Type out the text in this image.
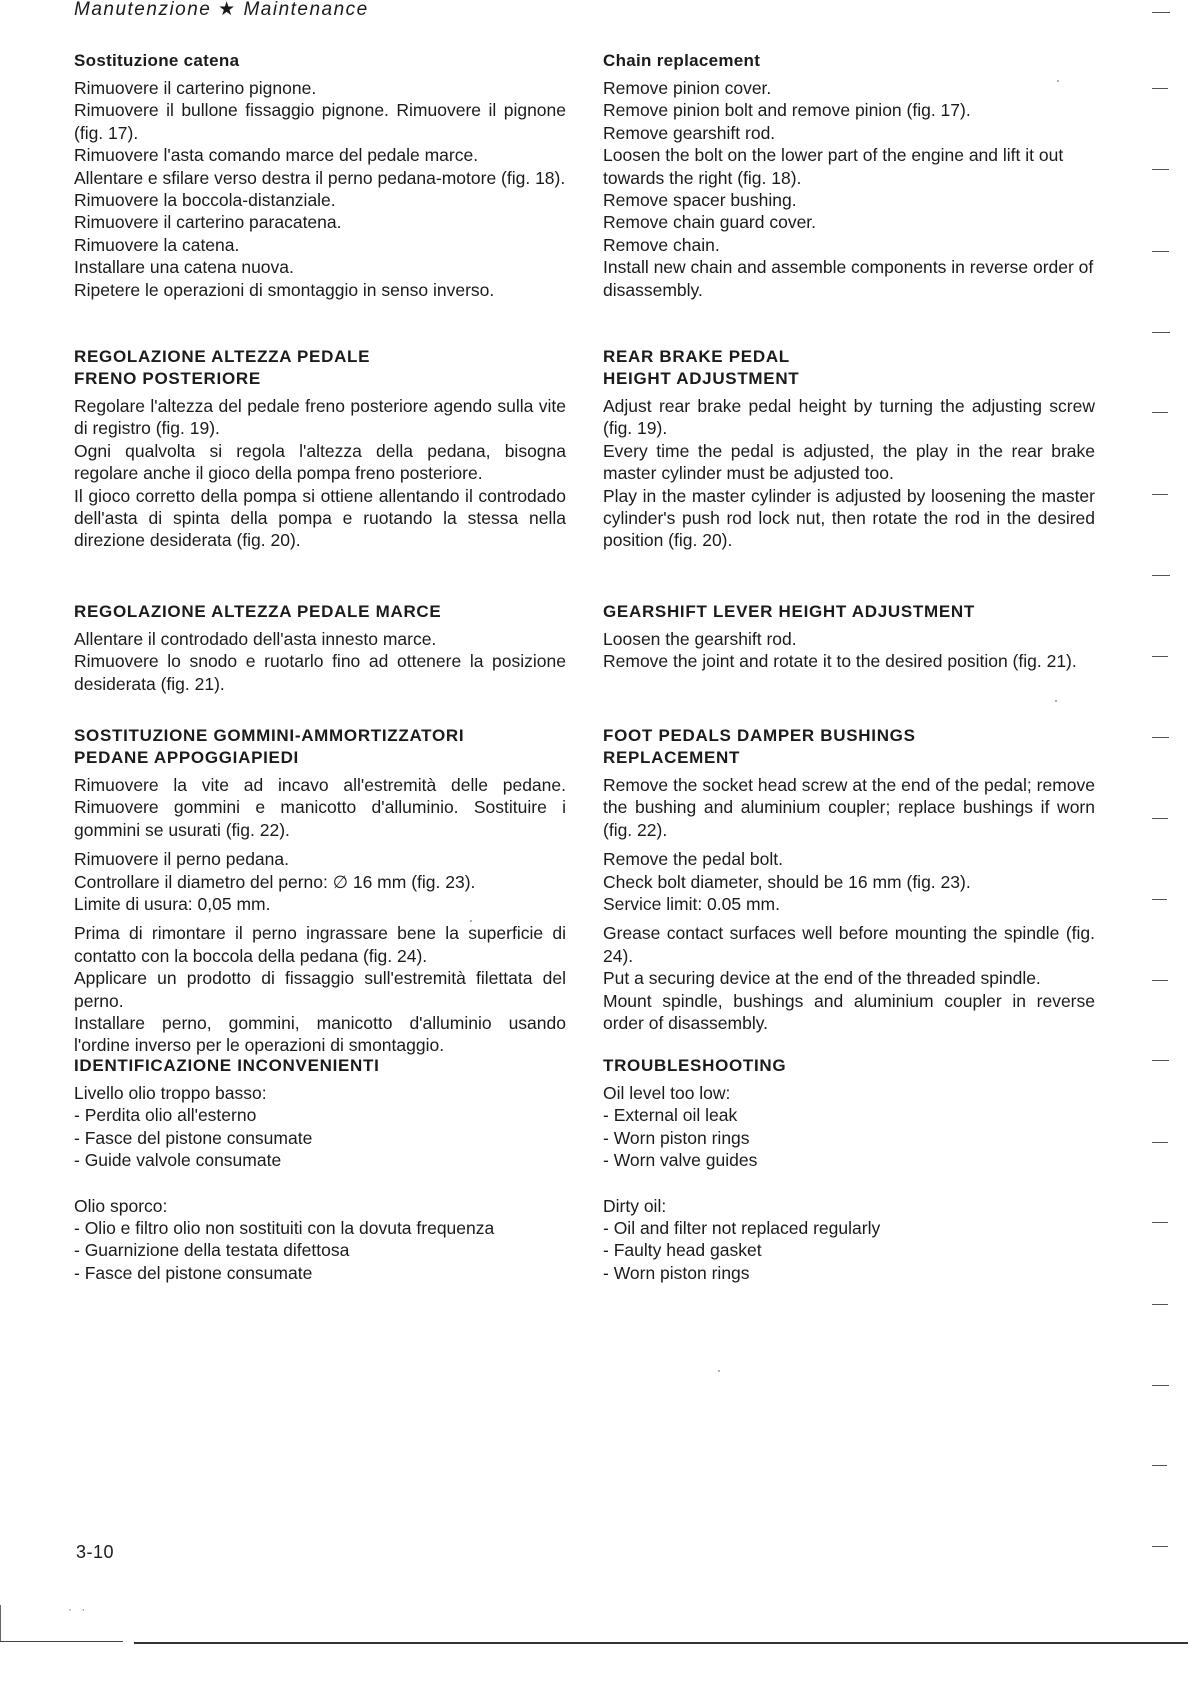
Manutenzione ★ Maintenance
Sostituzione catena

Rimuovere il carterino pignone.

Rimuovere il bullone fissaggio pignone. Rimuovere il pignone (fig. 17).

Rimuovere l'asta comando marce del pedale marce.

Allentare e sfilare verso destra il perno pedana-motore (fig. 18).

Rimuovere la boccola-distanziale.

Rimuovere il carterino paracatena.

Rimuovere la catena.

Installare una catena nuova.

Ripetere le operazioni di smontaggio in senso inverso.

REGOLAZIONE ALTEZZA PEDALE
FRENO POSTERIORE

Regolare l'altezza del pedale freno posteriore agendo sulla vite di registro (fig. 19).

Ogni qualvolta si regola l'altezza della pedana, bisogna regolare anche il gioco della pompa freno posteriore.

Il gioco corretto della pompa si ottiene allentando il controdado dell'asta di spinta della pompa e ruotando la stessa nella direzione desiderata (fig. 20).

REGOLAZIONE ALTEZZA PEDALE MARCE

Allentare il controdado dell'asta innesto marce.

Rimuovere lo snodo e ruotarlo fino ad ottenere la posizione desiderata (fig. 21).

SOSTITUZIONE GOMMINI-AMMORTIZZATORI
PEDANE APPOGGIAPIEDI

Rimuovere la vite ad incavo all'estremità delle pedane. Rimuovere gommini e manicotto d'alluminio. Sostituire i gommini se usurati (fig. 22).

Rimuovere il perno pedana.

Controllare il diametro del perno: ∅ 16 mm (fig. 23).

Limite di usura: 0,05 mm.

Prima di rimontare il perno ingrassare bene la superficie di contatto con la boccola della pedana (fig. 24).

Applicare un prodotto di fissaggio sull'estremità filettata del perno.

Installare perno, gommini, manicotto d'alluminio usando l'ordine inverso per le operazioni di smontaggio.

IDENTIFICAZIONE INCONVENIENTI

Livello olio troppo basso:

- Perdita olio all'esterno

- Fasce del pistone consumate

- Guide valvole consumate

Olio sporco:

- Olio e filtro olio non sostituiti con la dovuta frequenza

- Guarnizione della testata difettosa

- Fasce del pistone consumate

Chain replacement

Remove pinion cover.

Remove pinion bolt and remove pinion (fig. 17).

Remove gearshift rod.

Loosen the bolt on the lower part of the engine and lift it out towards the right (fig. 18).

Remove spacer bushing.

Remove chain guard cover.

Remove chain.

Install new chain and assemble components in reverse order of disassembly.

REAR BRAKE PEDAL
HEIGHT ADJUSTMENT

Adjust rear brake pedal height by turning the adjusting screw (fig. 19).

Every time the pedal is adjusted, the play in the rear brake master cylinder must be adjusted too.

Play in the master cylinder is adjusted by loosening the master cylinder's push rod lock nut, then rotate the rod in the desired position (fig. 20).

GEARSHIFT LEVER HEIGHT ADJUSTMENT

Loosen the gearshift rod.

Remove the joint and rotate it to the desired position (fig. 21).

FOOT PEDALS DAMPER BUSHINGS
REPLACEMENT

Remove the socket head screw at the end of the pedal; remove the bushing and aluminium coupler; replace bushings if worn (fig. 22).

Remove the pedal bolt.

Check bolt diameter, should be 16 mm (fig. 23).

Service limit: 0.05 mm.

Grease contact surfaces well before mounting the spindle (fig. 24).

Put a securing device at the end of the threaded spindle.

Mount spindle, bushings and aluminium coupler in reverse order of disassembly.

TROUBLESHOOTING

Oil level too low:

- External oil leak

- Worn piston rings

- Worn valve guides

Dirty oil:

- Oil and filter not replaced regularly

- Faulty head gasket

- Worn piston rings

3-10
· ·
